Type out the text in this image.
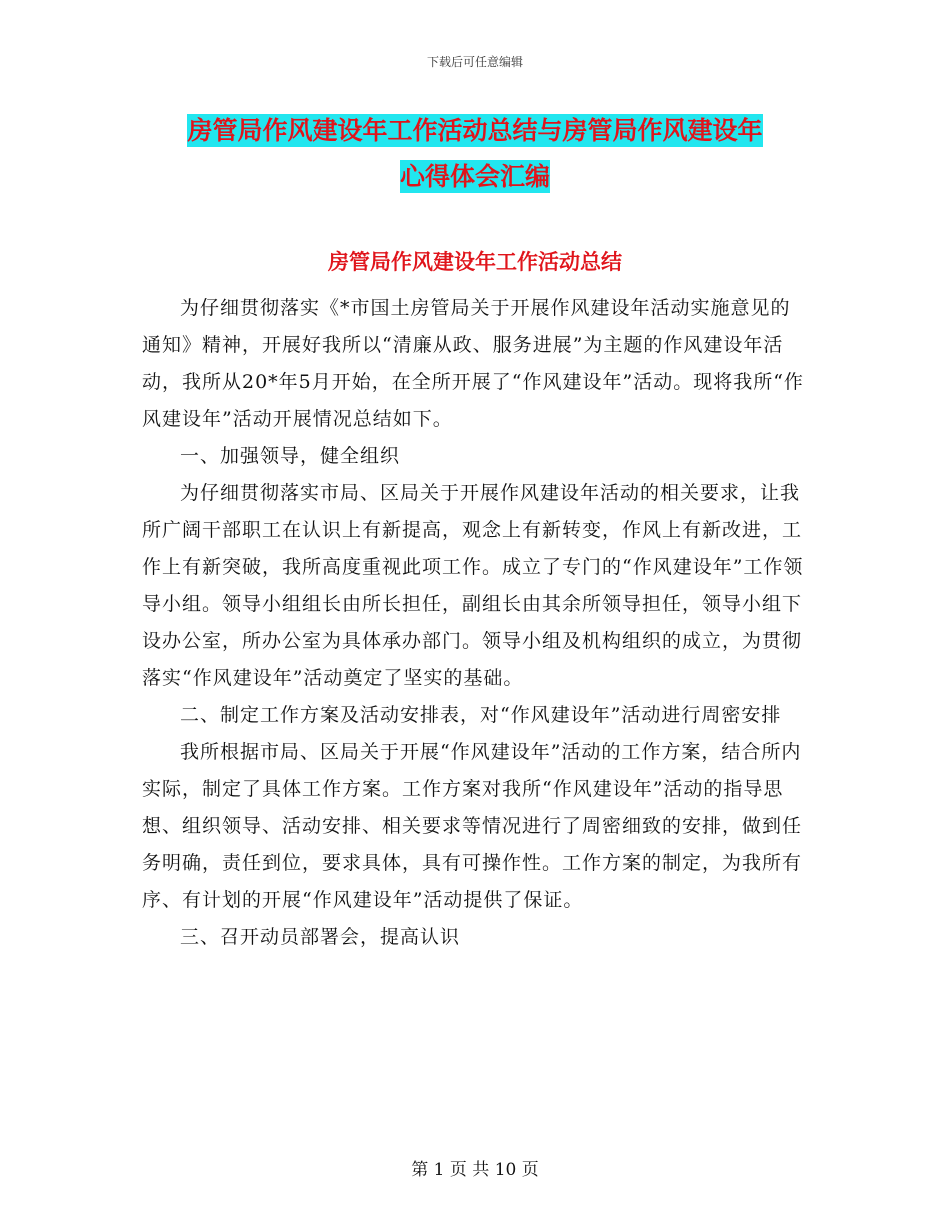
下载后可任意编辑
房管局作风建设年工作活动总结与房管局作风建设年
心得体会汇编
房管局作风建设年工作活动总结

为仔细贯彻落实《*市国土房管局关于开展作风建设年活动实施意见的通知》精神，开展好我所以“清廉从政、服务进展”为主题的作风建设年活动，我所从20*年5月开始，在全所开展了“作风建设年”活动。现将我所“作风建设年”活动开展情况总结如下。

一、加强领导，健全组织

为仔细贯彻落实市局、区局关于开展作风建设年活动的相关要求，让我所广阔干部职工在认识上有新提高，观念上有新转变，作风上有新改进，工作上有新突破，我所高度重视此项工作。成立了专门的“作风建设年”工作领导小组。领导小组组长由所长担任，副组长由其余所领导担任，领导小组下设办公室，所办公室为具体承办部门。领导小组及机构组织的成立，为贯彻落实“作风建设年”活动奠定了坚实的基础。

二、制定工作方案及活动安排表，对“作风建设年”活动进行周密安排

我所根据市局、区局关于开展“作风建设年”活动的工作方案，结合所内实际，制定了具体工作方案。工作方案对我所“作风建设年”活动的指导思想、组织领导、活动安排、相关要求等情况进行了周密细致的安排，做到任务明确，责任到位，要求具体，具有可操作性。工作方案的制定，为我所有序、有计划的开展“作风建设年”活动提供了保证。

三、召开动员部署会，提高认识

第 1 页 共 10 页
